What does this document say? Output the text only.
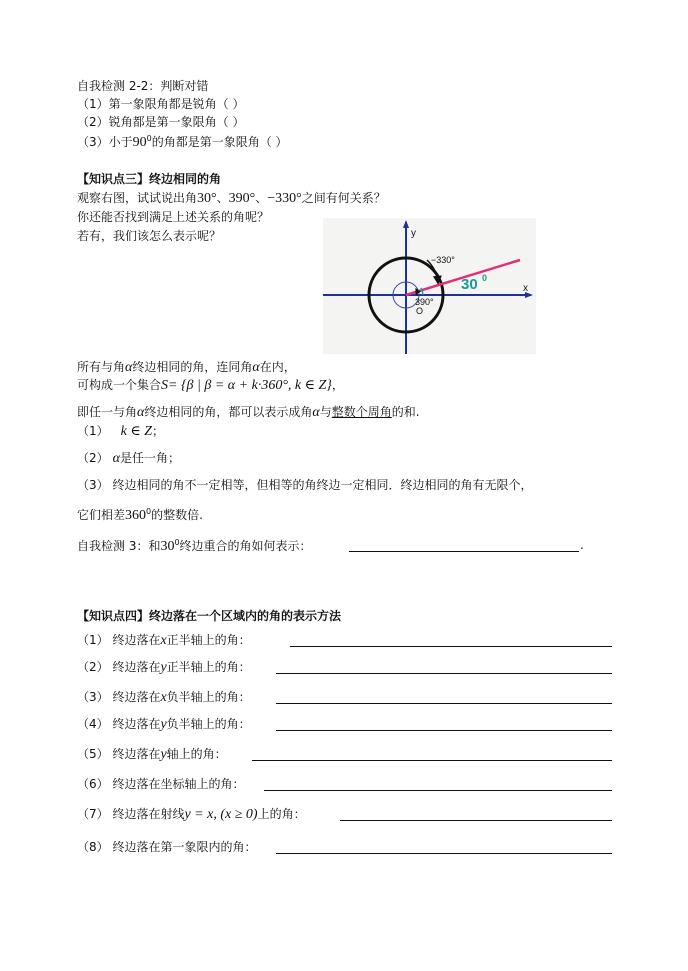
自我检测 2-2：判断对错
（1）第一象限角都是锐角（ ）
（2）锐角都是第一象限角（ ）
（3）小于$90^0$的角都是第一象限角（ ）
【知识点三】终边相同的角
观察右图，试试说出角30°、390°、−330°之间有何关系？
你还能否找到满足上述关系的角呢？
若有，我们该怎么表示呢？	y
x
O
−330°
390°
30 0
所有与角α终边相同的角，连同角α在内，
可构成一个集合S= {β | β = α + k·360°, k ∈ Z}，
即任一与角α终边相同的角，都可以表示成角α与整数个周角的和.
（1） k ∈ Z；
（2） α是任一角；
（3） 终边相同的角不一定相等，但相等的角终边一定相同．终边相同的角有无限个，
它们相差$360^0$的整数倍.
自我检测 3：和$30^0$终边重合的角如何表示：	.
【知识点四】终边落在一个区域内的角的表示方法
（1） 终边落在x正半轴上的角：
（2） 终边落在y正半轴上的角：
（3） 终边落在x负半轴上的角：
（4） 终边落在y负半轴上的角：
（5） 终边落在y轴上的角：
（6） 终边落在坐标轴上的角：
（7） 终边落在射线y = x, (x ≥ 0)上的角：
（8） 终边落在第一象限内的角：
